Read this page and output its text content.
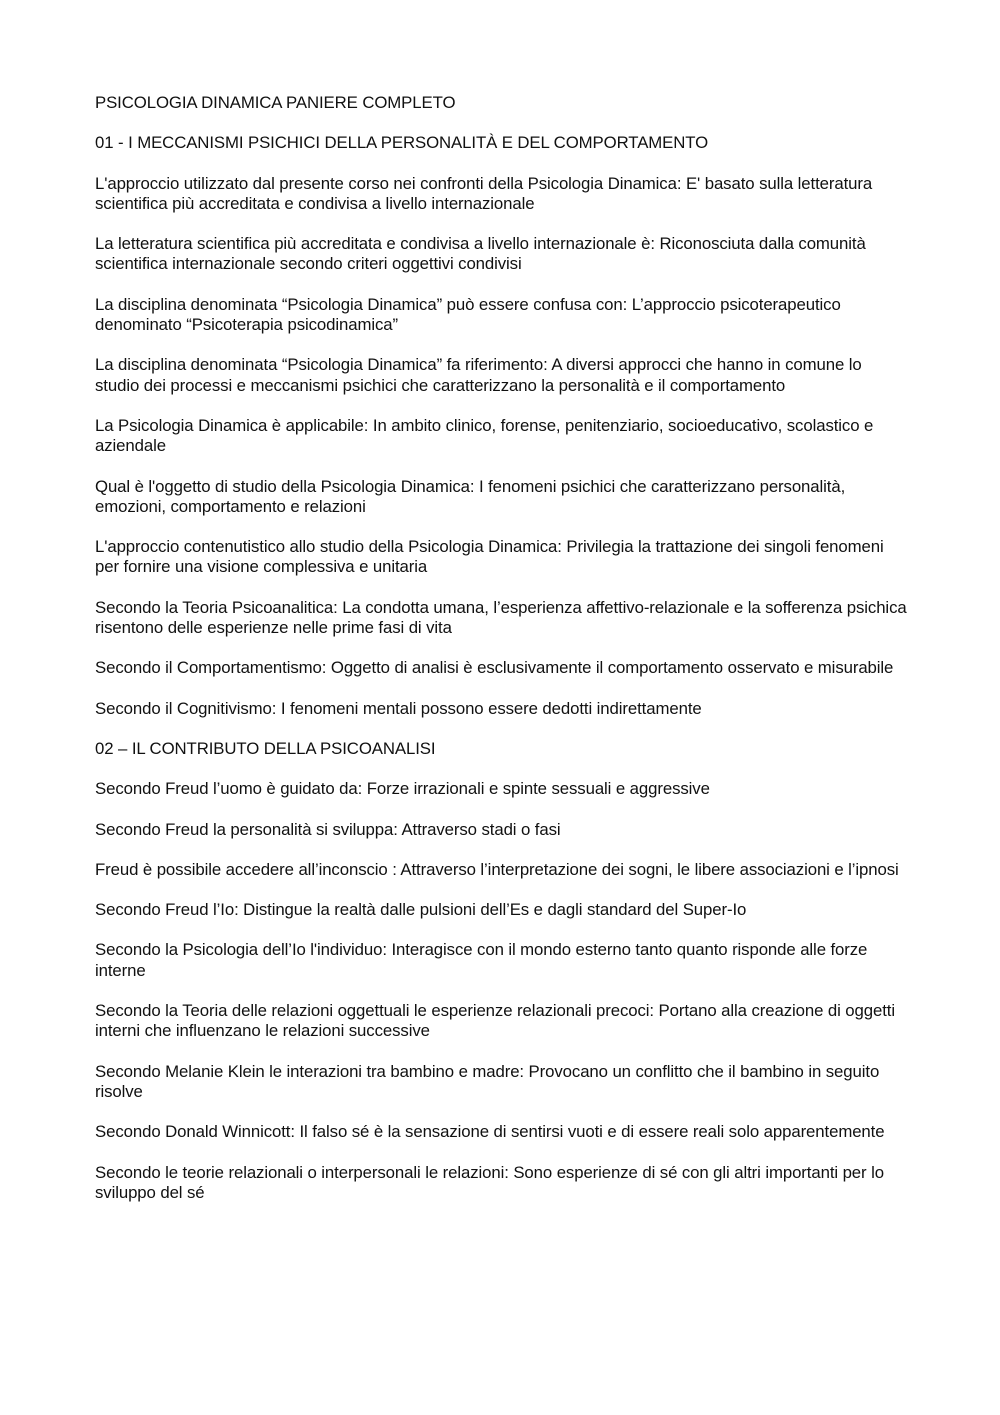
PSICOLOGIA DINAMICA PANIERE COMPLETO
01 - I MECCANISMI PSICHICI DELLA PERSONALITÀ E DEL COMPORTAMENTO
L'approccio utilizzato dal presente corso nei confronti della Psicologia Dinamica: E' basato sulla letteratura scientifica più accreditata e condivisa a livello internazionale
La letteratura scientifica più accreditata e condivisa a livello internazionale è: Riconosciuta dalla comunità scientifica internazionale secondo criteri oggettivi condivisi
La disciplina denominata “Psicologia Dinamica” può essere confusa con: L’approccio psicoterapeutico denominato “Psicoterapia psicodinamica”
La disciplina denominata “Psicologia Dinamica” fa riferimento: A diversi approcci che hanno in comune lo studio dei processi e meccanismi psichici che caratterizzano la personalità e il comportamento
La Psicologia Dinamica è applicabile: In ambito clinico, forense, penitenziario, socioeducativo, scolastico e aziendale
Qual è l'oggetto di studio della Psicologia Dinamica: I fenomeni psichici che caratterizzano personalità, emozioni, comportamento e relazioni
L'approccio contenutistico allo studio della Psicologia Dinamica: Privilegia la trattazione dei singoli fenomeni per fornire una visione complessiva e unitaria
Secondo la Teoria Psicoanalitica: La condotta umana, l’esperienza affettivo-relazionale e la sofferenza psichica risentono delle esperienze nelle prime fasi di vita
Secondo il Comportamentismo: Oggetto di analisi è esclusivamente il comportamento osservato e misurabile
Secondo il Cognitivismo: I fenomeni mentali possono essere dedotti indirettamente
02 – IL CONTRIBUTO DELLA PSICOANALISI
Secondo Freud l’uomo è guidato da: Forze irrazionali e spinte sessuali e aggressive
Secondo Freud la personalità si sviluppa: Attraverso stadi o fasi
Freud è possibile accedere all’inconscio : Attraverso l’interpretazione dei sogni, le libere associazioni e l’ipnosi
Secondo Freud l’Io: Distingue la realtà dalle pulsioni dell’Es e dagli standard del Super-Io
Secondo la Psicologia dell’Io l'individuo: Interagisce con il mondo esterno tanto quanto risponde alle forze interne
Secondo la Teoria delle relazioni oggettuali le esperienze relazionali precoci: Portano alla creazione di oggetti interni che influenzano le relazioni successive
Secondo Melanie Klein le interazioni tra bambino e madre: Provocano un conflitto che il bambino in seguito risolve
Secondo Donald Winnicott: Il falso sé è la sensazione di sentirsi vuoti e di essere reali solo apparentemente
Secondo le teorie relazionali o interpersonali le relazioni: Sono esperienze di sé con gli altri importanti per lo sviluppo del sé
